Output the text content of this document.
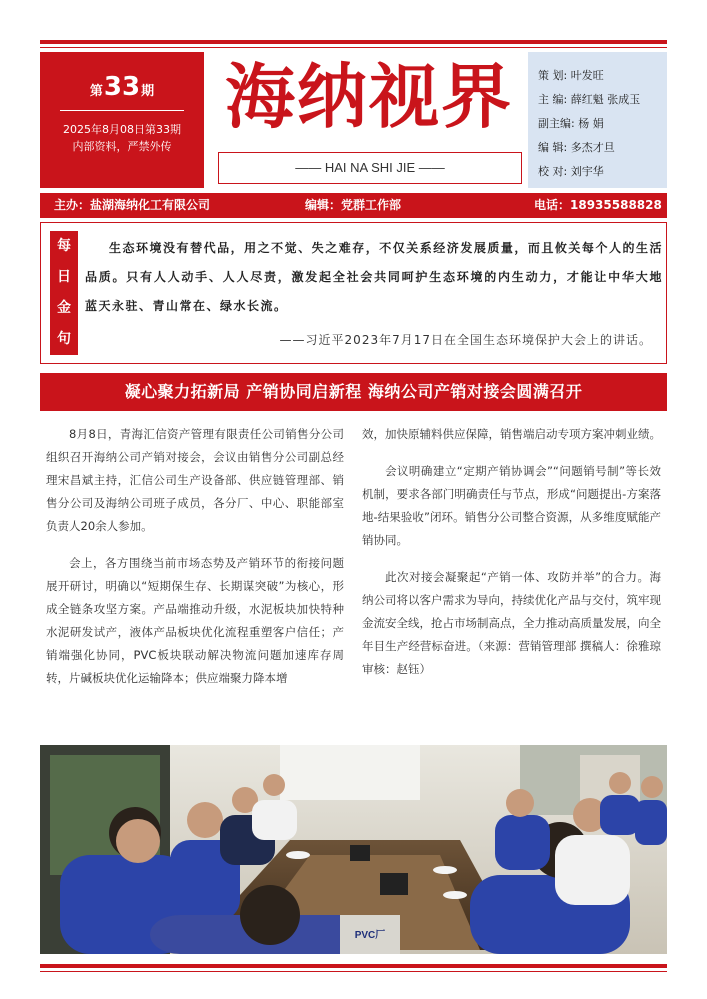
第33期
2025年8月08日第33期
内部资料，严禁外传
海纳视界
—— HAI NA SHI JIE ——
策 划: 叶发旺
主 编: 薛红魁 张成玉
副主编: 杨 娟
编 辑: 多杰才旦
校 对: 刘宇华
主办：盐湖海纳化工有限公司	编辑：党群工作部	电话：18935588828
每
日
金
句
生态环境没有替代品，用之不觉、失之难存，不仅关系经济发展质量，而且攸关每个人的生活品质。只有人人动手、人人尽责，激发起全社会共同呵护生态环境的内生动力，才能让中华大地蓝天永驻、青山常在、绿水长流。
——习近平2023年7月17日在全国生态环境保护大会上的讲话。
凝心聚力拓新局 产销协同启新程 海纳公司产销对接会圆满召开

8月8日，青海汇信资产管理有限责任公司销售分公司组织召开海纳公司产销对接会，会议由销售分公司副总经理宋昌斌主持，汇信公司生产设备部、供应链管理部、销售分公司及海纳公司班子成员，各分厂、中心、职能部室负责人20余人参加。

会上，各方围绕当前市场态势及产销环节的衔接问题展开研讨，明确以“短期保生存、长期谋突破”为核心，形成全链条攻坚方案。产品端推动升级，水泥板块加快特种水泥研发试产，液体产品板块优化流程重塑客户信任；产销端强化协同，PVC板块联动解决物流问题加速库存周转，片碱板块优化运输降本；供应端聚力降本增

效，加快原辅料供应保障，销售端启动专项方案冲刺业绩。

会议明确建立“定期产销协调会”“问题销号制”等长效机制，要求各部门明确责任与节点，形成“问题提出-方案落地-结果验收”闭环。销售分公司整合资源，从多维度赋能产销协同。

此次对接会凝聚起“产销一体、攻防并举”的合力。海纳公司将以客户需求为导向，持续优化产品与交付，筑牢现金流安全线，抢占市场制高点，全力推动高质量发展，向全年目生产经营标奋进。（来源：营销管理部 撰稿人：徐雅琼 审核：赵钰）

PVC厂
